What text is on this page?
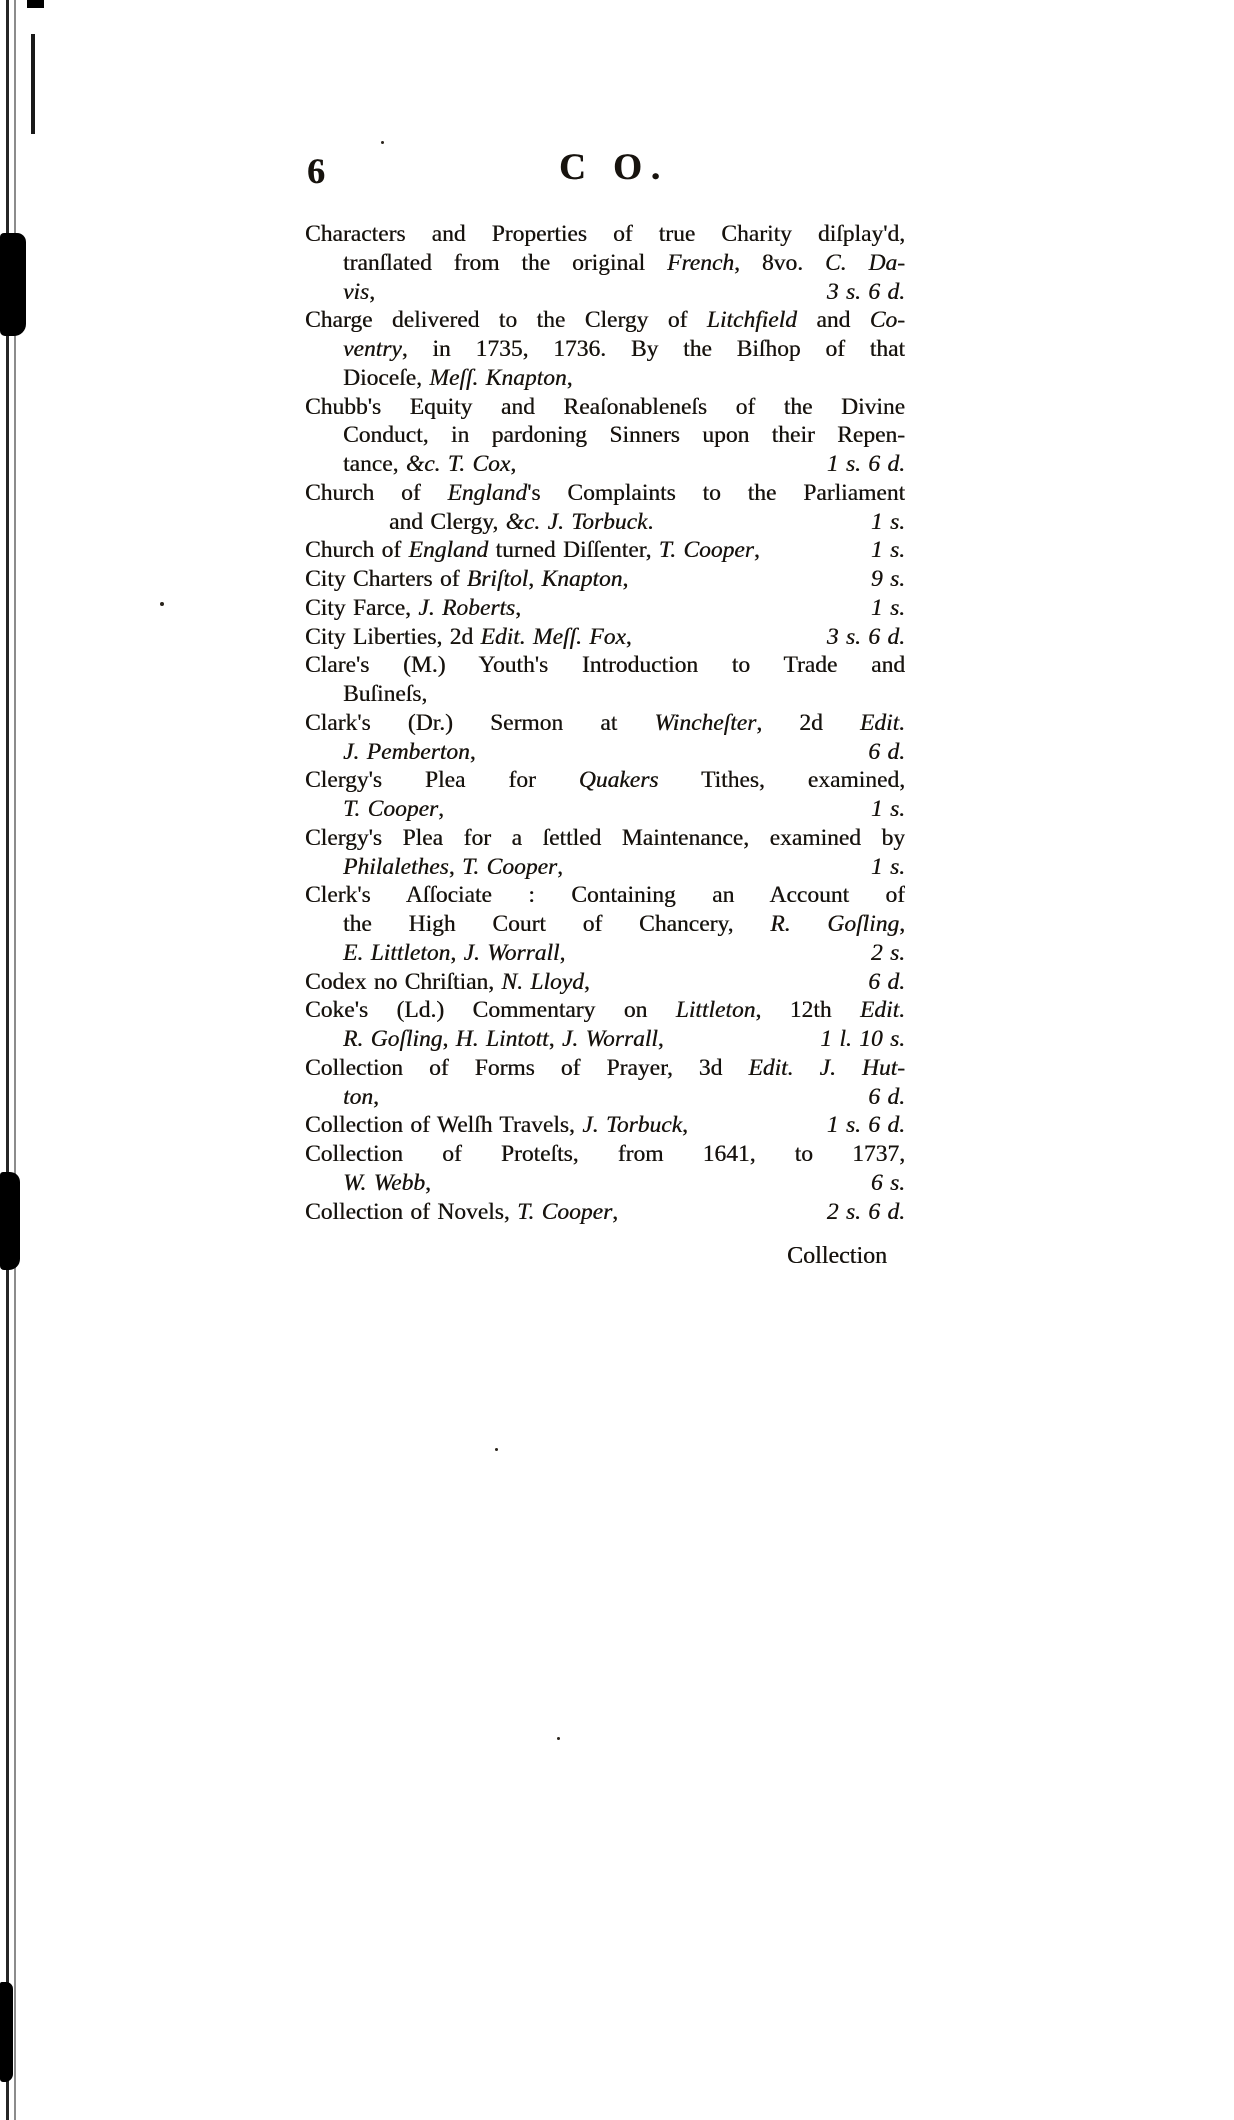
6	C O.
Characters and Properties of true Charity diſplay'd,
tranſlated from the original French, 8vo. C. Da-
vis,	3 s. 6 d.
Charge delivered to the Clergy of Litchfield and Co-
ventry, in 1735, 1736. By the Biſhop of that
Dioceſe, Meſſ. Knapton,
Chubb's Equity and Reaſonableneſs of the Divine
Conduct, in pardoning Sinners upon their Repen-
tance, &c. T. Cox,	1 s. 6 d.
Church of England's Complaints to the Parliament
and Clergy, &c. J. Torbuck.	1 s.
Church of England turned Diſſenter, T. Cooper,	1 s.
City Charters of Briſtol, Knapton,	9 s.
City Farce, J. Roberts,	1 s.
City Liberties, 2d Edit. Meſſ. Fox,	3 s. 6 d.
Clare's (M.) Youth's Introduction to Trade and
Buſineſs,
Clark's (Dr.) Sermon at Wincheſter, 2d Edit.
J. Pemberton,	6 d.
Clergy's Plea for Quakers Tithes, examined,
T. Cooper,	1 s.
Clergy's Plea for a ſettled Maintenance, examined by
Philalethes, T. Cooper,	1 s.
Clerk's Aſſociate : Containing an Account of
the High Court of Chancery, R. Goſling,
E. Littleton, J. Worrall,	2 s.
Codex no Chriſtian, N. Lloyd,	6 d.
Coke's (Ld.) Commentary on Littleton, 12th Edit.
R. Goſling, H. Lintott, J. Worrall,	1 l. 10 s.
Collection of Forms of Prayer, 3d Edit. J. Hut-
ton,	6 d.
Collection of Welſh Travels, J. Torbuck,	1 s. 6 d.
Collection of Proteſts, from 1641, to 1737,
W. Webb,	6 s.
Collection of Novels, T. Cooper,	2 s. 6 d.
Collection
